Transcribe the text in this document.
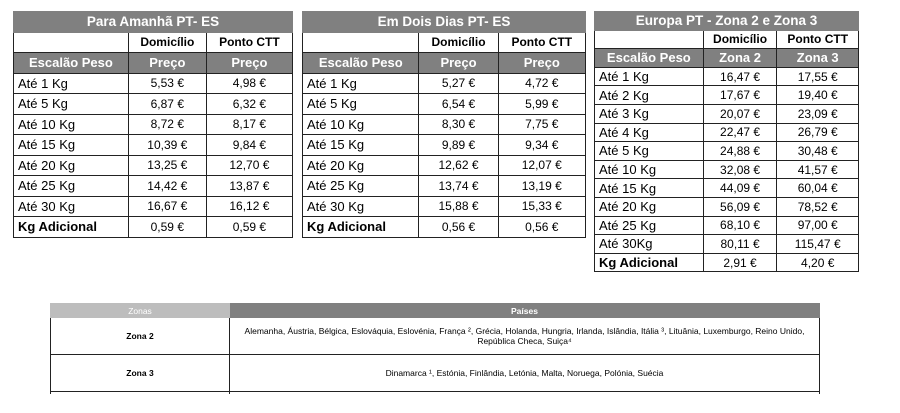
Para Amanhã PT- ES		
	Domicílio	Ponto CTT
Escalão Peso	Preço	Preço
Até 1 Kg	5,53 €	4,98 €
Até 5 Kg	6,87 €	6,32 €
Até 10 Kg	8,72 €	8,17 €
Até 15 Kg	10,39 €	9,84 €
Até 20 Kg	13,25 €	12,70 €
Até 25 Kg	14,42 €	13,87 €
Até 30 Kg	16,67 €	16,12 €
Kg Adicional	0,59 €	0,59 €
Em Dois Dias PT- ES		
	Domicílio	Ponto CTT
Escalão Peso	Preço	Preço
Até 1 Kg	5,27 €	4,72 €
Até 5 Kg	6,54 €	5,99 €
Até 10 Kg	8,30 €	7,75 €
Até 15 Kg	9,89 €	9,34 €
Até 20 Kg	12,62 €	12,07 €
Até 25 Kg	13,74 €	13,19 €
Até 30 Kg	15,88 €	15,33 €
Kg Adicional	0,56 €	0,56 €
Europa PT - Zona 2 e Zona 3		
	Domicílio	Ponto CTT
Escalão Peso	Zona 2	Zona 3
Até 1 Kg	16,47 €	17,55 €
Até 2 Kg	17,67 €	19,40 €
Até 3 Kg	20,07 €	23,09 €
Até 4 Kg	22,47 €	26,79 €
Até 5 Kg	24,88 €	30,48 €
Até 10 Kg	32,08 €	41,57 €
Até 15 Kg	44,09 €	60,04 €
Até 20 Kg	56,09 €	78,52 €
Até 25 Kg	68,10 €	97,00 €
Até 30Kg	80,11 €	115,47 €
Kg Adicional	2,91 €	4,20 €
Zonas	Países
Zona 2	Alemanha, Áustria, Bélgica, Eslováquia, Eslovénia, França ², Grécia, Holanda, Hungria, Irlanda, Islândia, Itália ³, Lituânia, Luxemburgo, Reino Unido, República Checa, Suiça⁴
Zona 3	Dinamarca ¹, Estónia, Finlândia, Letónia, Malta, Noruega, Polónia, Suécia
